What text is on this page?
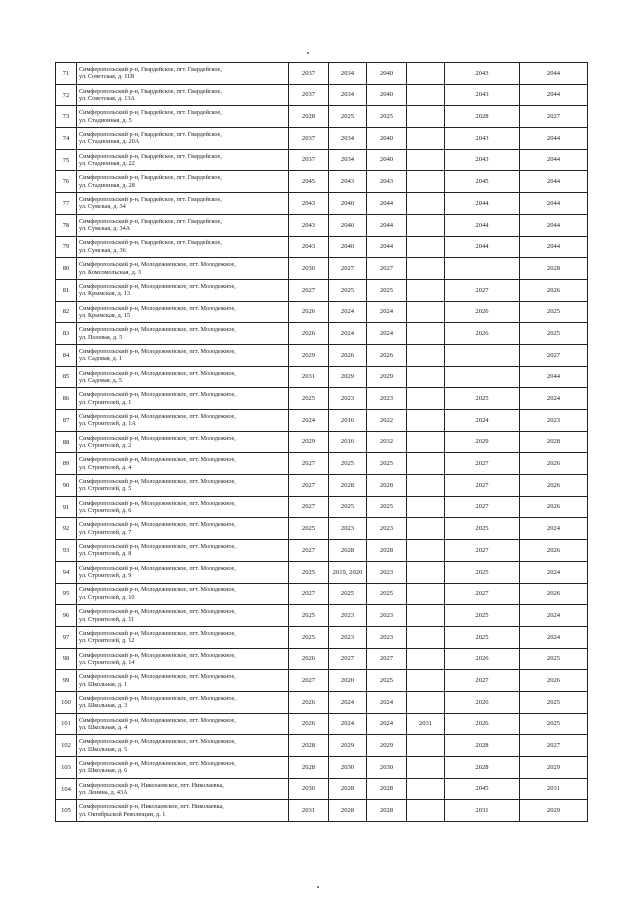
71	Симферопольский р-н, Гвардейское, пгт. Гвардейское,
ул. Советская, д. 11В	2037	2034	2040		2043	2044
72	Симферопольский р-н, Гвардейское, пгт. Гвардейское,
ул. Советская, д. 13А	2037	2034	2040		2043	2044
73	Симферопольский р-н, Гвардейское, пгт. Гвардейское,
ул. Стадионная, д. 5	2028	2025	2025		2028	2027
74	Симферопольский р-н, Гвардейское, пгт. Гвардейское,
ул. Стадионная, д. 20А	2037	2034	2040		2043	2044
75	Симферопольский р-н, Гвардейское, пгт. Гвардейское,
ул. Стадионная, д. 22	2037	2034	2040		2043	2044
76	Симферопольский р-н, Гвардейское, пгт. Гвардейское,
ул. Стадионная, д. 28	2045	2043	2043		2045	2044
77	Симферопольский р-н, Гвардейское, пгт. Гвардейское,
ул. Сумская, д. 34	2043	2040	2044		2044	2044
78	Симферопольский р-н, Гвардейское, пгт. Гвардейское,
ул. Сумская, д. 34А	2043	2040	2044		2044	2044
79	Симферопольский р-н, Гвардейское, пгт. Гвардейское,
ул. Сумская, д. 36	2043	2040	2044		2044	2044
80	Симферопольский р-н, Молодежненское, пгт. Молодежное,
ул. Комсомольская, д. 3	2030	2027	2027			2028
81	Симферопольский р-н, Молодежненское, пгт. Молодежное,
ул. Крымская, д. 13	2027	2025	2025		2027	2026
82	Симферопольский р-н, Молодежненское, пгт. Молодежное,
ул. Крымская, д. 15	2026	2024	2024		2026	2025
83	Симферопольский р-н, Молодежненское, пгт. Молодежное,
ул. Полевая, д. 5	2026	2024	2024		2026	2025
84	Симферопольский р-н, Молодежненское, пгт. Молодежное,
ул. Садовая, д. 1	2029	2026	2026			2027
85	Симферопольский р-н, Молодежненское, пгт. Молодежное,
ул. Садовая, д. 5	2031	2029	2029			2044
86	Симферопольский р-н, Молодежненское, пгт. Молодежное,
ул. Строителей, д. 1	2025	2023	2023		2025	2024
87	Симферопольский р-н, Молодежненское, пгт. Молодежное,
ул. Строителей, д. 1А	2024	2016	2022		2024	2023
88	Симферопольский р-н, Молодежненское, пгт. Молодежное,
ул. Строителей, д. 2	2029	2016	2032		2029	2028
89	Симферопольский р-н, Молодежненское, пгт. Молодежное,
ул. Строителей, д. 4	2027	2025	2025		2027	2026
90	Симферопольский р-н, Молодежненское, пгт. Молодежное,
ул. Строителей, д. 5	2027	2028	2028		2027	2026
91	Симферопольский р-н, Молодежненское, пгт. Молодежное,
ул. Строителей, д. 6	2027	2025	2025		2027	2026
92	Симферопольский р-н, Молодежненское, пгт. Молодежное,
ул. Строителей, д. 7	2025	2023	2023		2025	2024
93	Симферопольский р-н, Молодежненское, пгт. Молодежное,
ул. Строителей, д. 8	2027	2028	2028		2027	2026
94	Симферопольский р-н, Молодежненское, пгт. Молодежное,
ул. Строителей, д. 9	2025	2019, 2020	2023		2025	2024
95	Симферопольский р-н, Молодежненское, пгт. Молодежное,
ул. Строителей, д. 10	2027	2025	2025		2027	2026
96	Симферопольский р-н, Молодежненское, пгт. Молодежное,
ул. Строителей, д. 11	2025	2023	2023		2025	2024
97	Симферопольский р-н, Молодежненское, пгт. Молодежное,
ул. Строителей, д. 12	2025	2023	2023		2025	2024
98	Симферопольский р-н, Молодежненское, пгт. Молодежное,
ул. Строителей, д. 14	2026	2027	2027		2026	2025
99	Симферопольский р-н, Молодежненское, пгт. Молодежное,
ул. Школьная, д. 1	2027	2020	2025		2027	2026
100	Симферопольский р-н, Молодежненское, пгт. Молодежное,
ул. Школьная, д. 3	2026	2024	2024		2026	2025
101	Симферопольский р-н, Молодежненское, пгт. Молодежное,
ул. Школьная, д. 4	2026	2024	2024	2031	2026	2025
102	Симферопольский р-н, Молодежненское, пгт. Молодежное,
ул. Школьная, д. 5	2028	2029	2029		2028	2027
103	Симферопольский р-н, Молодежненское, пгт. Молодежное,
ул. Школьная, д. 6	2028	2030	2030		2028	2029
104	Симферопольский р-н, Николаевское, пгт. Николаевка,
ул. Ленина, д. 43А	2030	2028	2028		2045	2031
105	Симферопольский р-н, Николаевское, пгт. Николаевка,
ул. Октябрьской Революции, д. 1	2031	2028	2028		2031	2029
